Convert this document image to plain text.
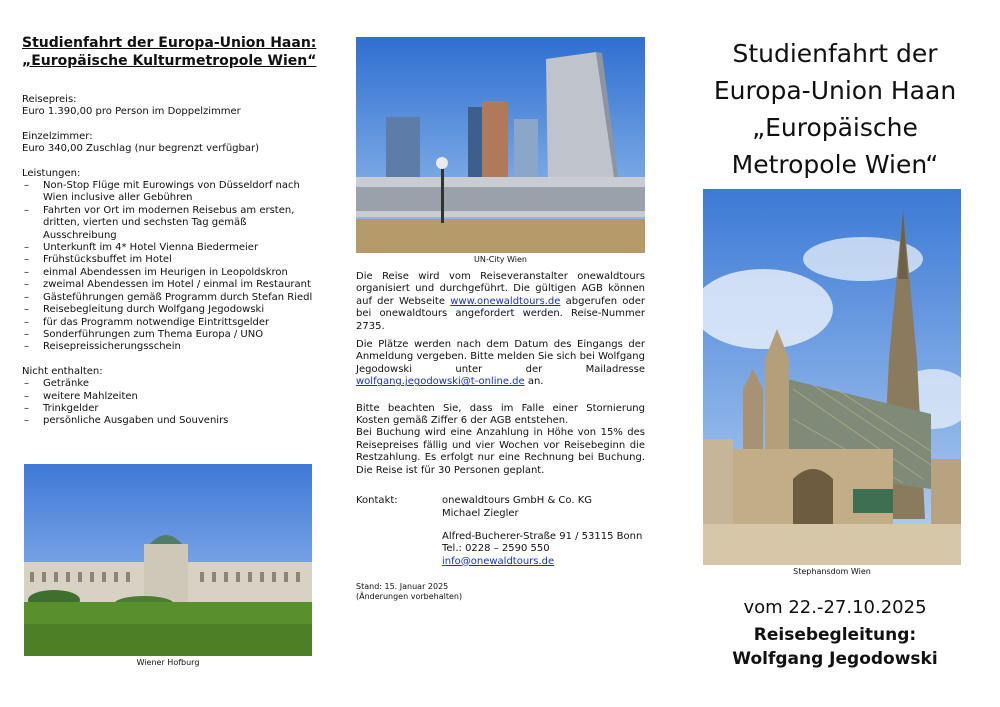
Studienfahrt der Europa-Union Haan:
„Europäische Kulturmetropole Wien“
Reisepreis:
Euro 1.390,00 pro Person im Doppelzimmer
Einzelzimmer:
Euro 340,00 Zuschlag (nur begrenzt verfügbar)
Leistungen:
– Non-Stop Flüge mit Eurowings von Düsseldorf nach Wien inclusive aller Gebühren
– Fahrten vor Ort im modernen Reisebus am ersten, dritten, vierten und sechsten Tag gemäß Ausschreibung
– Unterkunft im 4* Hotel Vienna Biedermeier
– Frühstücksbuffet im Hotel
– einmal Abendessen im Heurigen in Leopoldskron
– zweimal Abendessen im Hotel / einmal im Restaurant
– Gästeführungen gemäß Programm durch Stefan Riedl
– Reisebegleitung durch Wolfgang Jegodowski
– für das Programm notwendige Eintrittsgelder
– Sonderführungen zum Thema Europa / UNO
– Reisepreissicherungsschein
Nicht enthalten:
– Getränke
– weitere Mahlzeiten
– Trinkgelder
– persönliche Ausgaben und Souvenirs
Wiener Hofburg
UN-City Wien

Die Reise wird vom Reiseveranstalter onewaldtours organisiert und durchgeführt. Die gültigen AGB können auf der Webseite www.onewaldtours.de abgerufen oder bei onewaldtours angefordert werden. Reise-Nummer 2735.

Die Plätze werden nach dem Datum des Eingangs der Anmeldung vergeben. Bitte melden Sie sich bei Wolfgang Jegodowski unter der Mailadresse wolfgang.jegodowski@t-online.de an.

Bitte beachten Sie, dass im Falle einer Stornierung Kosten gemäß Ziffer 6 der AGB entstehen.

Bei Buchung wird eine Anzahlung in Höhe von 15% des Reisepreises fällig und vier Wochen vor Reisebeginn die Restzahlung. Es erfolgt nur eine Rechnung bei Buchung. Die Reise ist für 30 Personen geplant.

Kontakt:	onewaldtours GmbH & Co. KG
Michael Ziegler
Alfred-Bucherer-Straße 91 / 53115 Bonn
Tel.: 0228 – 2590 550
info@onewaldtours.de
Stand: 15. Januar 2025
(Änderungen vorbehalten)
Studienfahrt der
Europa-Union Haan
„Europäische
Metropole Wien“
Stephansdom Wien
vom 22.-27.10.2025
Reisebegleitung:
Wolfgang Jegodowski
